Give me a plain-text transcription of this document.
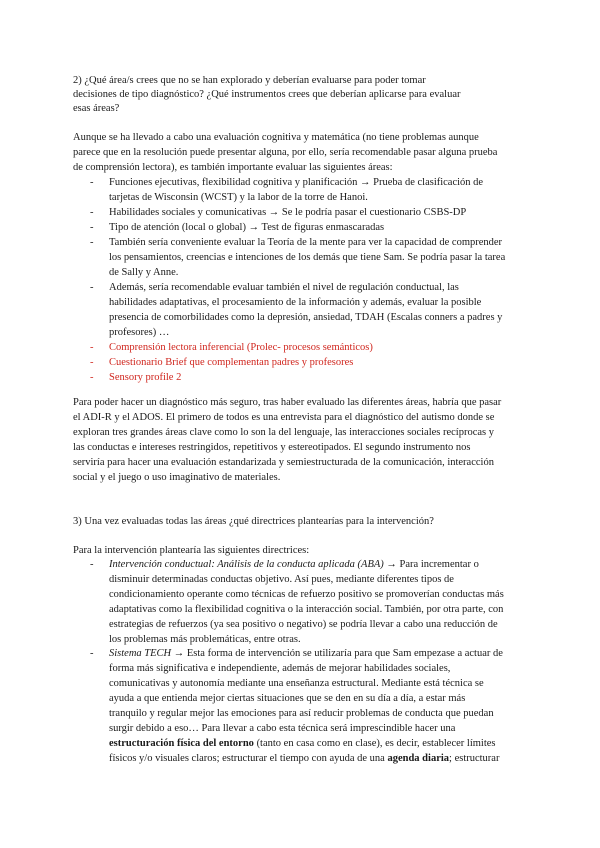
2) ¿Qué área/s crees que no se han explorado y deberían evaluarse para poder tomar
decisiones de tipo diagnóstico? ¿Qué instrumentos crees que deberían aplicarse para evaluar
esas áreas?
Aunque se ha llevado a cabo una evaluación cognitiva y matemática (no tiene problemas aunque
parece que en la resolución puede presentar alguna, por ello, sería recomendable pasar alguna prueba
de comprensión lectora), es también importante evaluar las siguientes áreas:
- Funciones ejecutivas, flexibilidad cognitiva y planificación → Prueba de clasificación de
tarjetas de Wisconsin (WCST) y la labor de la torre de Hanoi.
- Habilidades sociales y comunicativas → Se le podría pasar el cuestionario CSBS-DP
- Tipo de atención (local o global) → Test de figuras enmascaradas
- También sería conveniente evaluar la Teoría de la mente para ver la capacidad de comprender
los pensamientos, creencias e intenciones de los demás que tiene Sam. Se podría pasar la tarea
de Sally y Anne.
- Además, sería recomendable evaluar también el nivel de regulación conductual, las
habilidades adaptativas, el procesamiento de la información y además, evaluar la posible
presencia de comorbilidades como la depresión, ansiedad, TDAH (Escalas conners a padres y
profesores) …
- Comprensión lectora inferencial (Prolec- procesos semánticos)
- Cuestionario Brief que complementan padres y profesores
- Sensory profile 2
Para poder hacer un diagnóstico más seguro, tras haber evaluado las diferentes áreas, habría que pasar
el ADI-R y el ADOS. El primero de todos es una entrevista para el diagnóstico del autismo donde se
exploran tres grandes áreas clave como lo son la del lenguaje, las interacciones sociales recíprocas y
las conductas e intereses restringidos, repetitivos y estereotipados. El segundo instrumento nos
serviría para hacer una evaluación estandarizada y semiestructurada de la comunicación, interacción
social y el juego o uso imaginativo de materiales.
3) Una vez evaluadas todas las áreas ¿qué directrices plantearías para la intervención?
Para la intervención plantearía las siguientes directrices:
- Intervención conductual: Análisis de la conducta aplicada (ABA) → Para incrementar o
disminuir determinadas conductas objetivo. Así pues, mediante diferentes tipos de
condicionamiento operante como técnicas de refuerzo positivo se promoverían conductas más
adaptativas como la flexibilidad cognitiva o la interacción social. También, por otra parte, con
estrategias de refuerzos (ya sea positivo o negativo) se podría llevar a cabo una reducción de
los problemas más problemáticas, entre otras.
- Sistema TECH → Esta forma de intervención se utilizaría para que Sam empezase a actuar de
forma más significativa e independiente, además de mejorar habilidades sociales,
comunicativas y autonomía mediante una enseñanza estructural. Mediante está técnica se
ayuda a que entienda mejor ciertas situaciones que se den en su día a día, a estar más
tranquilo y regular mejor las emociones para así reducir problemas de conducta que puedan
surgir debido a eso… Para llevar a cabo esta técnica será imprescindible hacer una
estructuración física del entorno (tanto en casa como en clase), es decir, establecer límites
físicos y/o visuales claros; estructurar el tiempo con ayuda de una agenda diaria; estructurar
